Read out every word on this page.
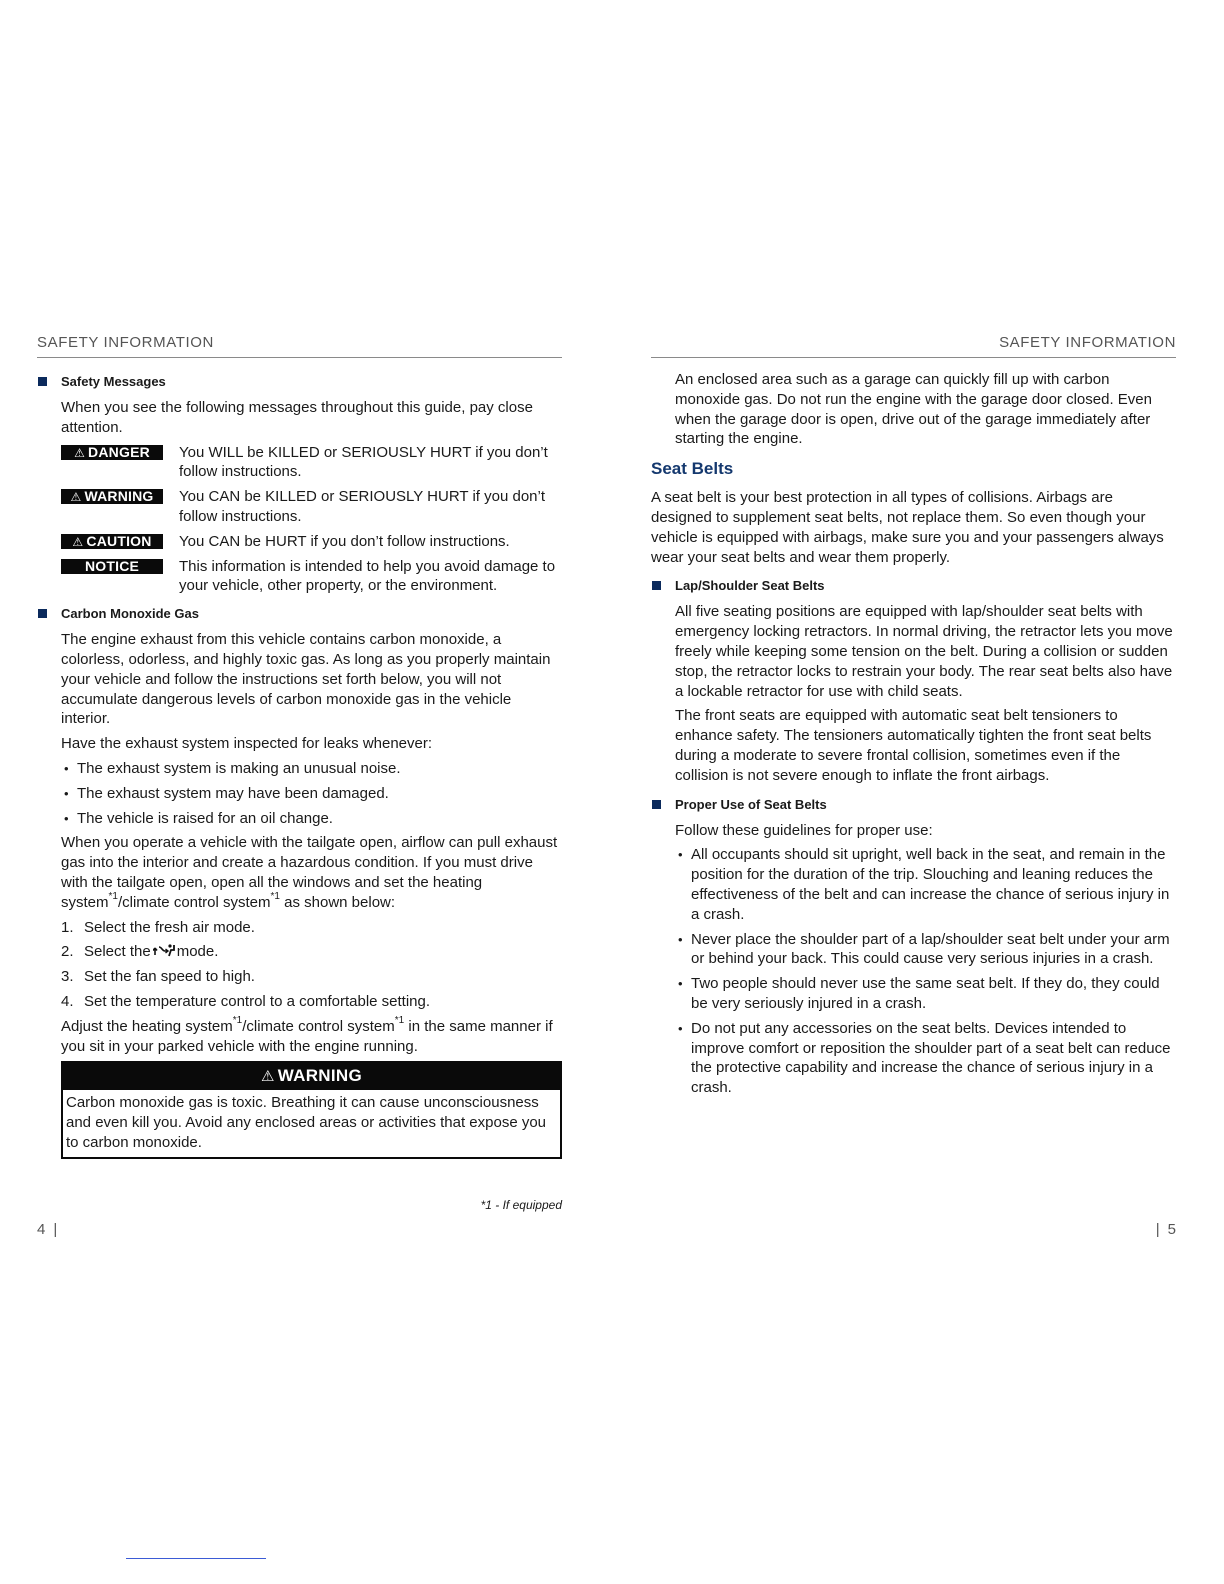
SAFETY INFORMATION
Safety Messages

When you see the following messages throughout this guide, pay close attention.

⚠ DANGER	You WILL be KILLED or SERIOUSLY HURT if you don’t follow instructions.
⚠ WARNING	You CAN be KILLED or SERIOUSLY HURT if you don’t follow instructions.
⚠ CAUTION	You CAN be HURT if you don’t follow instructions.
NOTICE	This information is intended to help you avoid damage to your vehicle, other property, or the environment.
Carbon Monoxide Gas

The engine exhaust from this vehicle contains carbon monoxide, a colorless, odorless, and highly toxic gas. As long as you properly maintain your vehicle and follow the instructions set forth below, you will not accumulate dangerous levels of carbon monoxide gas in the vehicle interior.

Have the exhaust system inspected for leaks whenever:

• The exhaust system is making an unusual noise.
• The exhaust system may have been damaged.
• The vehicle is raised for an oil change.

When you operate a vehicle with the tailgate open, airflow can pull exhaust gas into the interior and create a hazardous condition. If you must drive with the tailgate open, open all the windows and set the heating system$^{*1}$/climate control system$^{*1}$ as shown below:

1. Select the fresh air mode.
2. Select the mode.
3. Set the fan speed to high.
4. Set the temperature control to a comfortable setting.

Adjust the heating system$^{*1}$/climate control system$^{*1}$ in the same manner if you sit in your parked vehicle with the engine running.

⚠ WARNING
Carbon monoxide gas is toxic. Breathing it can cause unconsciousness and even kill you. Avoid any enclosed areas or activities that expose you to carbon monoxide.
*1 - If equipped
4 |
SAFETY INFORMATION

An enclosed area such as a garage can quickly fill up with carbon monoxide gas. Do not run the engine with the garage door closed. Even when the garage door is open, drive out of the garage immediately after starting the engine.

Seat Belts

A seat belt is your best protection in all types of collisions. Airbags are designed to supplement seat belts, not replace them. So even though your vehicle is equipped with airbags, make sure you and your passengers always wear your seat belts and wear them properly.

Lap/Shoulder Seat Belts

All five seating positions are equipped with lap/shoulder seat belts with emergency locking retractors. In normal driving, the retractor lets you move freely while keeping some tension on the belt. During a collision or sudden stop, the retractor locks to restrain your body. The rear seat belts also have a lockable retractor for use with child seats.

The front seats are equipped with automatic seat belt tensioners to enhance safety. The tensioners automatically tighten the front seat belts during a moderate to severe frontal collision, sometimes even if the collision is not severe enough to inflate the front airbags.

Proper Use of Seat Belts

Follow these guidelines for proper use:

• All occupants should sit upright, well back in the seat, and remain in the position for the duration of the trip. Slouching and leaning reduces the effectiveness of the belt and can increase the chance of serious injury in a crash.
• Never place the shoulder part of a lap/shoulder seat belt under your arm or behind your back. This could cause very serious injuries in a crash.
• Two people should never use the same seat belt. If they do, they could be very seriously injured in a crash.
• Do not put any accessories on the seat belts. Devices intended to improve comfort or reposition the shoulder part of a seat belt can reduce the protective capability and increase the chance of serious injury in a crash.
| 5
